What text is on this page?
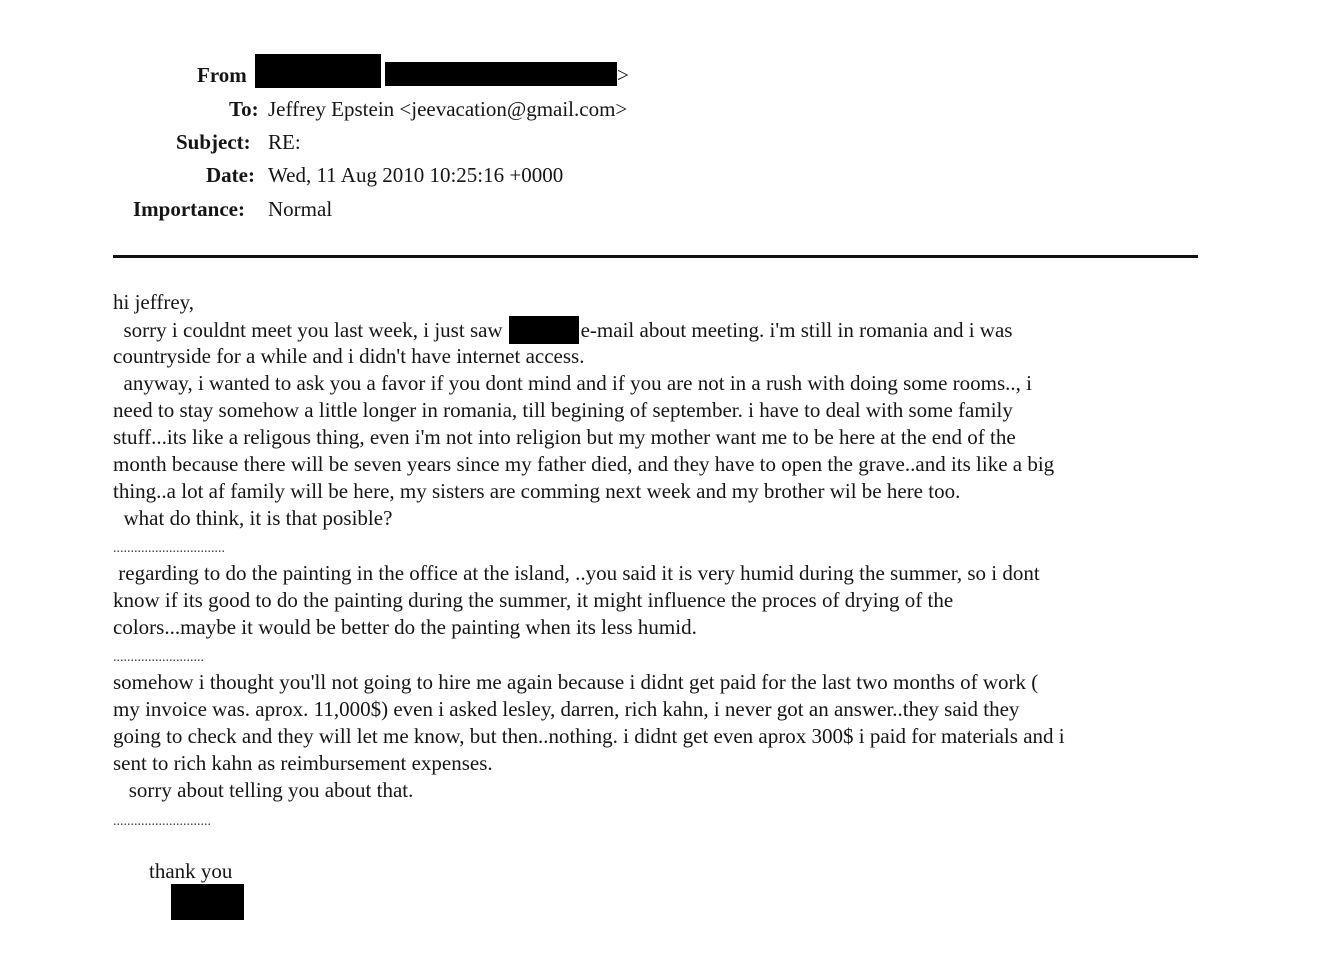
From	>
To: Jeffrey Epstein <jeevacation@gmail.com>
Subject: RE:
Date: Wed, 11 Aug 2010 10:25:16 +0000
Importance: Normal
hi jeffrey,
sorry i couldnt meet you last week, i just saw	e-mail about meeting. i'm still in romania and i was
countryside for a while and i didn't have internet access.
anyway, i wanted to ask you a favor if you dont mind and if you are not in a rush with doing some rooms.., i
need to stay somehow a little longer in romania, till begining of september. i have to deal with some family
stuff...its like a religous thing, even i'm not into religion but my mother want me to be here at the end of the
month because there will be seven years since my father died, and they have to open the grave..and its like a big
thing..a lot af family will be here, my sisters are comming next week and my brother wil be here too.
what do think, it is that posible?
................................
regarding to do the painting in the office at the island, ..you said it is very humid during the summer, so i dont
know if its good to do the painting during the summer, it might influence the proces of drying of the
colors...maybe it would be better do the painting when its less humid.
..........................
somehow i thought you'll not going to hire me again because i didnt get paid for the last two months of work (
my invoice was. aprox. 11,000$) even i asked lesley, darren, rich kahn, i never got an answer..they said they
going to check and they will let me know, but then..nothing. i didnt get even aprox 300$ i paid for materials and i
sent to rich kahn as reimbursement expenses.
sorry about telling you about that.
............................
thank you
